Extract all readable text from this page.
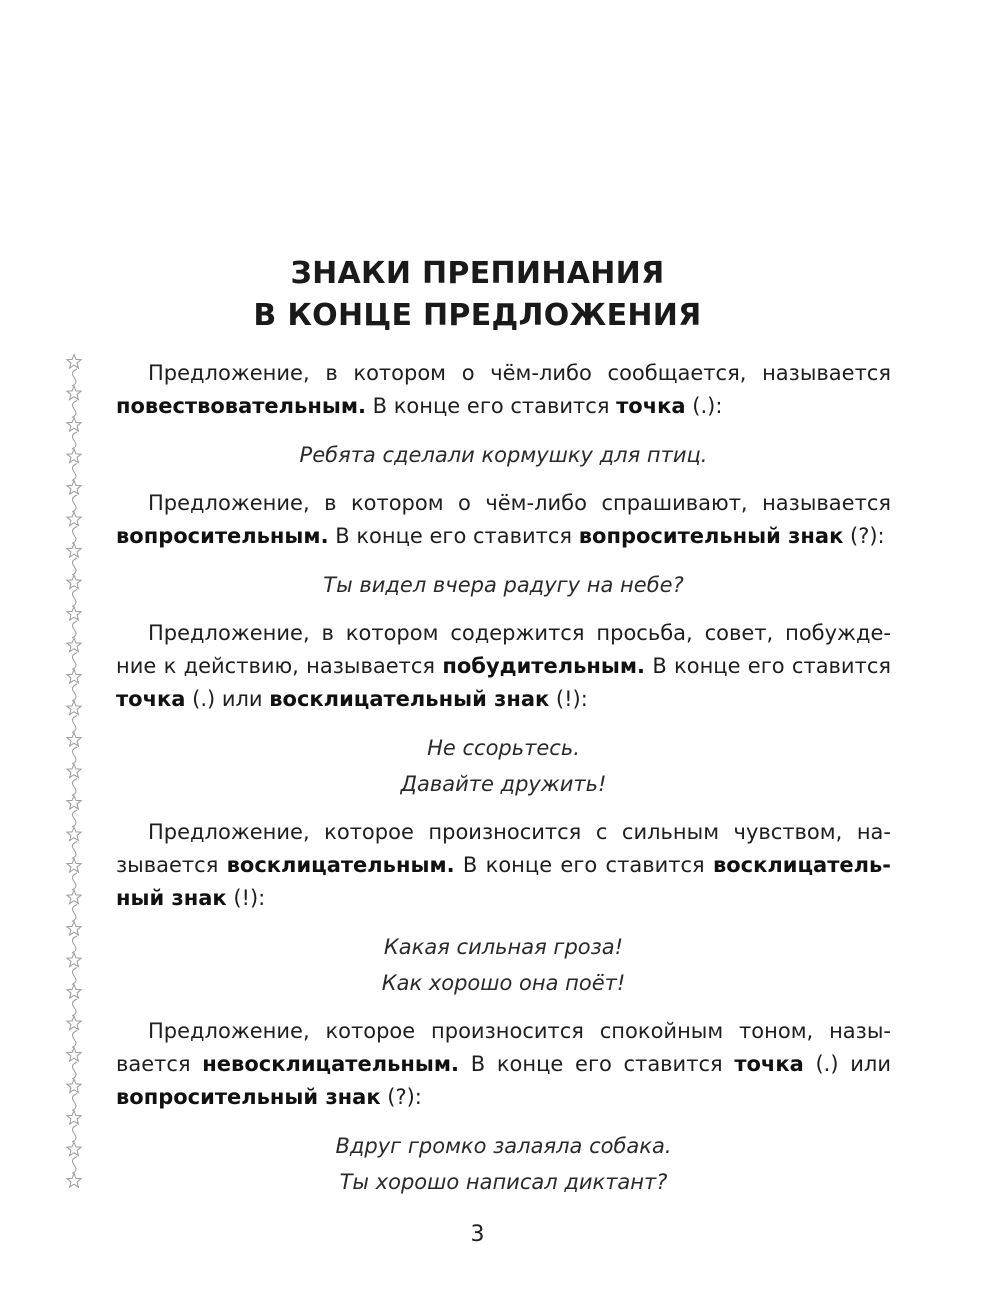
ЗНАКИ ПРЕПИНАНИЯ
В КОНЦЕ ПРЕДЛОЖЕНИЯ

Предложение, в котором о чём-либо сообщается, называется повествовательным. В конце его ставится точка (.):

Ребята сделали кормушку для птиц.

Предложение, в котором о чём-либо спрашивают, называется вопросительным. В конце его ставится вопросительный знак (?):

Ты видел вчера радугу на небе?

Предложение, в котором содержится просьба, совет, побуждение к действию, называется побудительным. В конце его ставится точка (.) или восклицательный знак (!):

Не ссорьтесь.
Давайте дружить!

Предложение, которое произносится с сильным чувством, называется восклицательным. В конце его ставится восклицательный знак (!):

Какая сильная гроза!
Как хорошо она поёт!

Предложение, которое произносится спокойным тоном, называется невосклицательным. В конце его ставится точка (.) или вопросительный знак (?):

Вдруг громко залаяла собака.
Ты хорошо написал диктант?
3
